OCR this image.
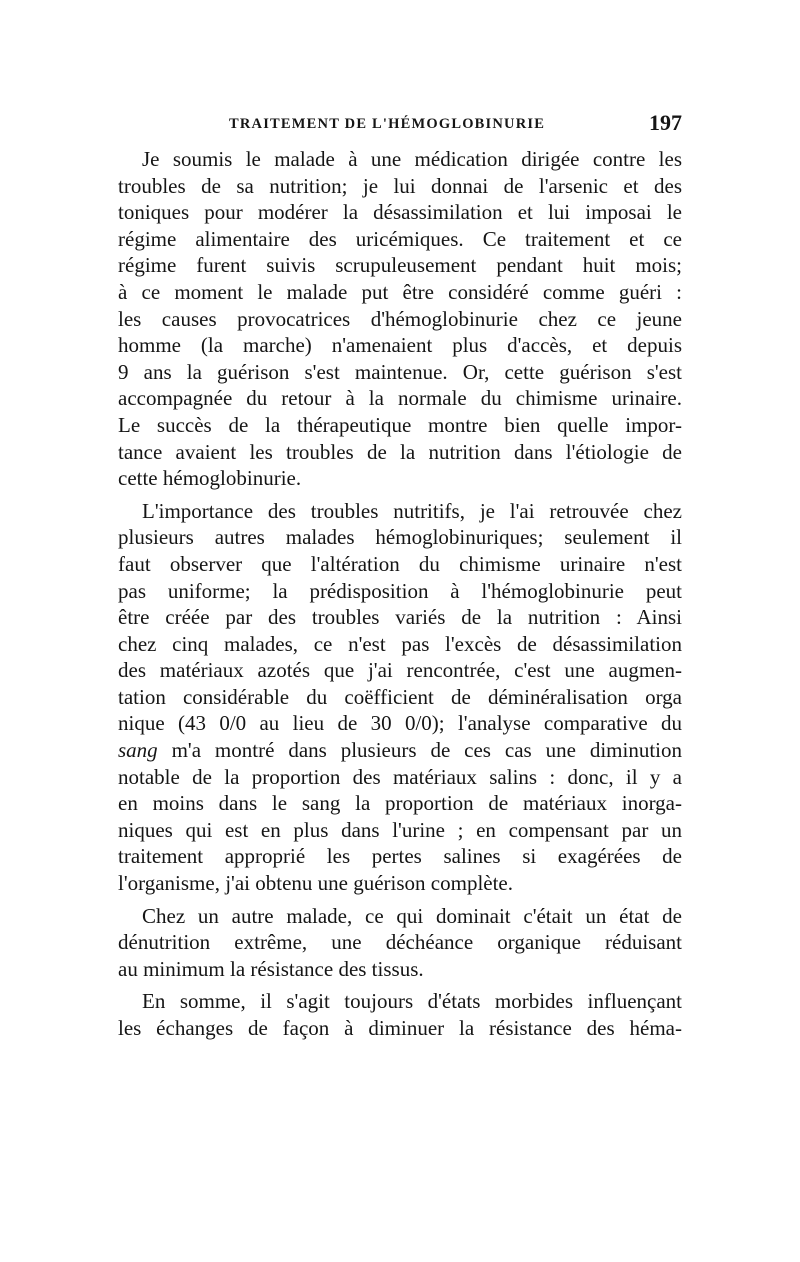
TRAITEMENT DE L'HÉMOGLOBINURIE	197
Je soumis le malade à une médication dirigée contre les
troubles de sa nutrition; je lui donnai de l'arsenic et des
toniques pour modérer la désassimilation et lui imposai le
régime alimentaire des uricémiques. Ce traitement et ce
régime furent suivis scrupuleusement pendant huit mois;
à ce moment le malade put être considéré comme guéri :
les causes provocatrices d'hémoglobinurie chez ce jeune
homme (la marche) n'amenaient plus d'accès, et depuis
9 ans la guérison s'est maintenue. Or, cette guérison s'est
accompagnée du retour à la normale du chimisme urinaire.
Le succès de la thérapeutique montre bien quelle impor-
tance avaient les troubles de la nutrition dans l'étiologie de
cette hémoglobinurie.
L'importance des troubles nutritifs, je l'ai retrouvée chez
plusieurs autres malades hémoglobinuriques; seulement il
faut observer que l'altération du chimisme urinaire n'est
pas uniforme; la prédisposition à l'hémoglobinurie peut
être créée par des troubles variés de la nutrition : Ainsi
chez cinq malades, ce n'est pas l'excès de désassimilation
des matériaux azotés que j'ai rencontrée, c'est une augmen-
tation considérable du coëfficient de déminéralisation orga
nique (43 0/0 au lieu de 30 0/0); l'analyse comparative du
sang m'a montré dans plusieurs de ces cas une diminution
notable de la proportion des matériaux salins : donc, il y a
en moins dans le sang la proportion de matériaux inorga-
niques qui est en plus dans l'urine ; en compensant par un
traitement approprié les pertes salines si exagérées de
l'organisme, j'ai obtenu une guérison complète.
Chez un autre malade, ce qui dominait c'était un état de
dénutrition extrême, une déchéance organique réduisant
au minimum la résistance des tissus.
En somme, il s'agit toujours d'états morbides influençant
les échanges de façon à diminuer la résistance des héma-
